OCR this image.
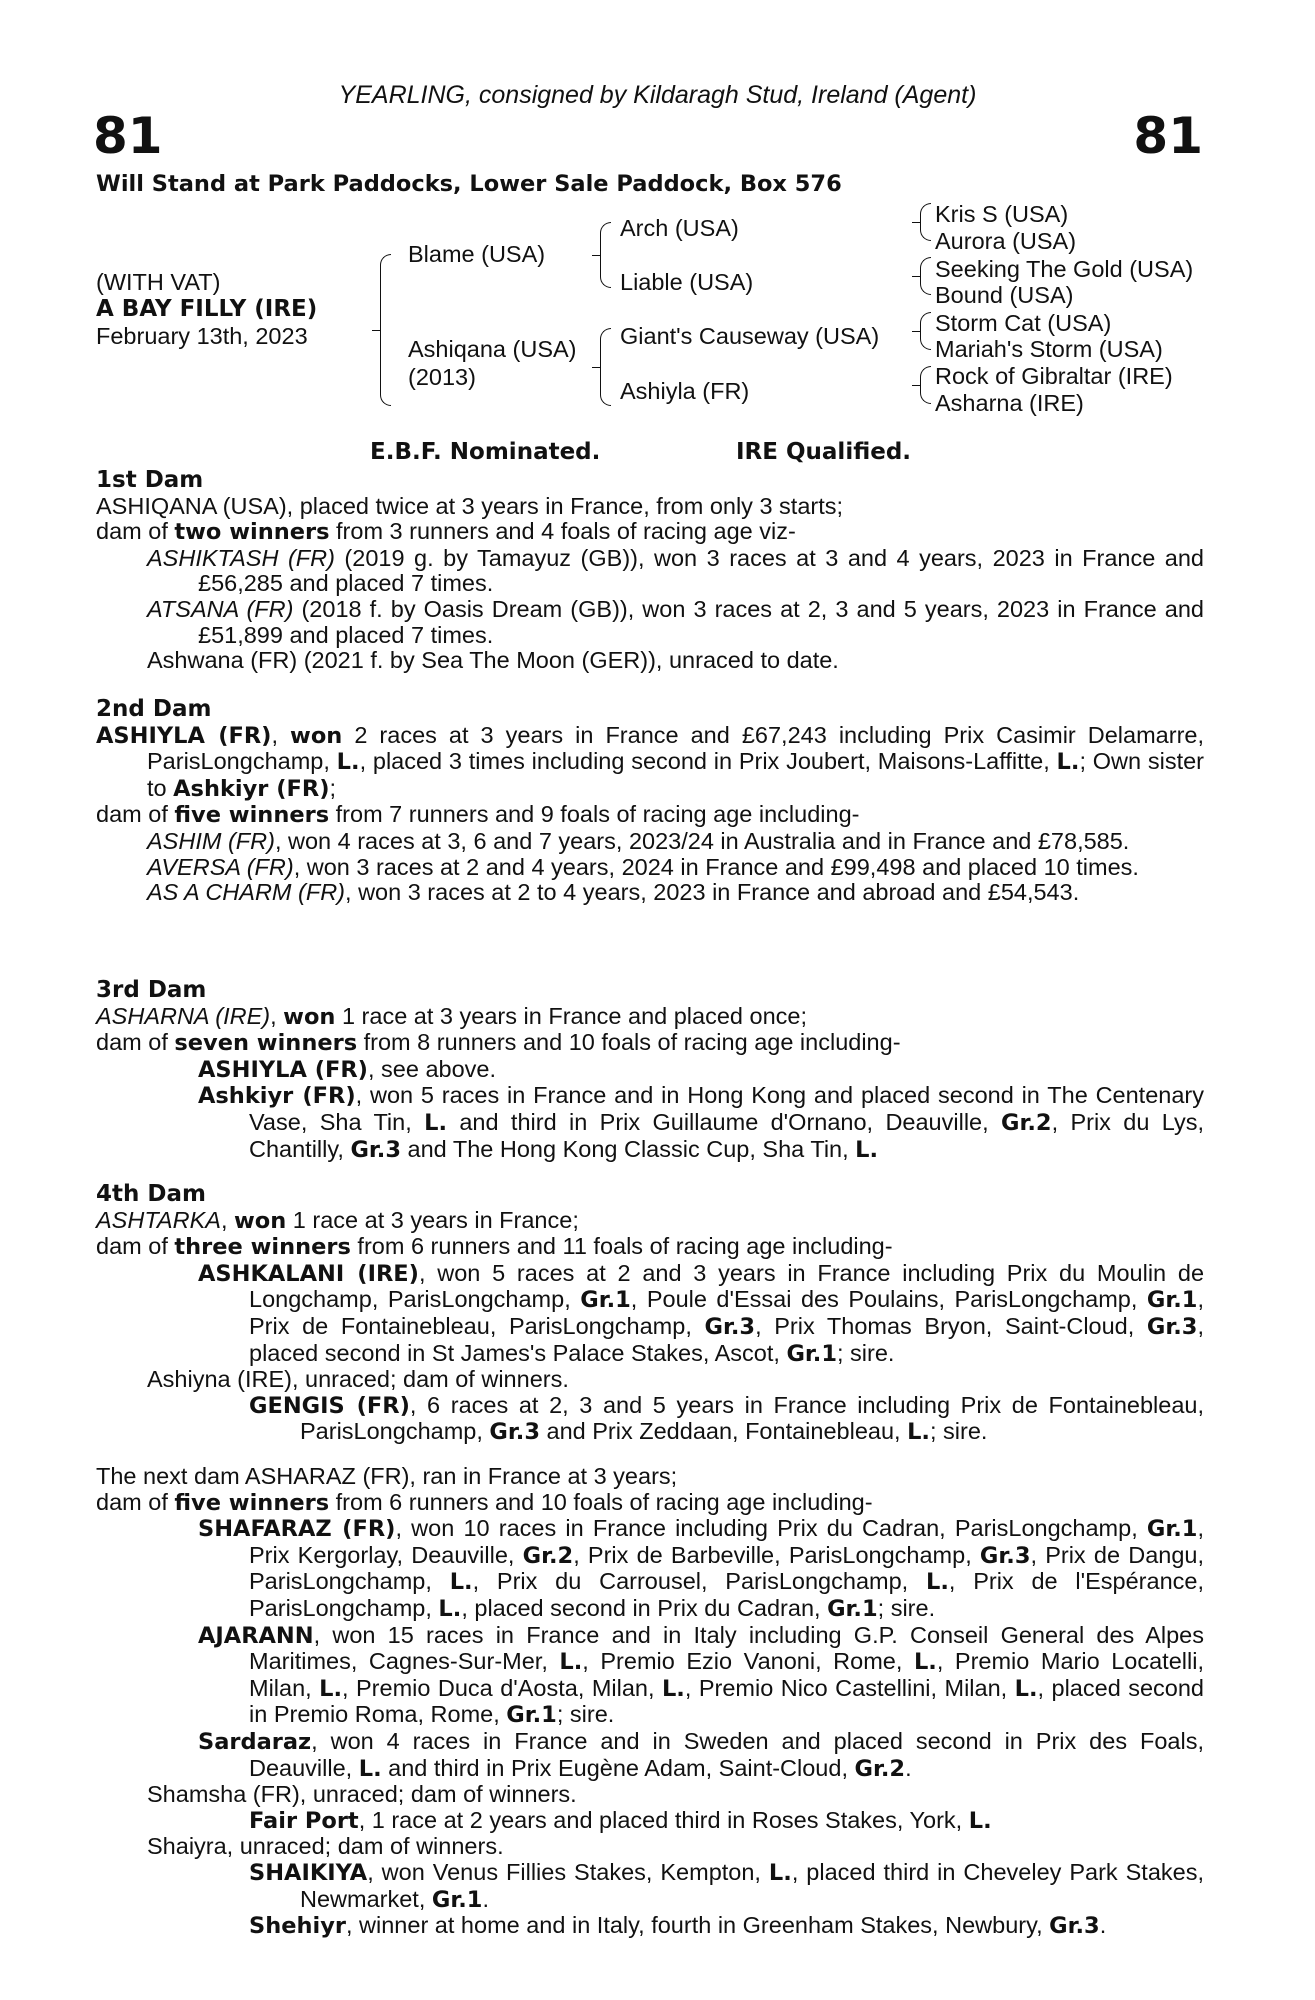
81
YEARLING, consigned by Kildaragh Stud, Ireland (Agent)
81
Will Stand at Park Paddocks, Lower Sale Paddock, Box 576
(WITH VAT)
A BAY FILLY (IRE)
February 13th, 2023
Blame (USA)
Ashiqana (USA)
(2013)
Arch (USA)
Liable (USA)
Giant's Causeway (USA)
Ashiyla (FR)
Kris S (USA)
Aurora (USA)
Seeking The Gold (USA)
Bound (USA)
Storm Cat (USA)
Mariah's Storm (USA)
Rock of Gibraltar (IRE)
Asharna (IRE)
E.B.F. Nominated.	IRE Qualified.
1st Dam
ASHIQANA (USA), placed twice at 3 years in France, from only 3 starts;
dam of two winners from 3 runners and 4 foals of racing age viz-
ASHIKTASH (FR) (2019 g. by Tamayuz (GB)), won 3 races at 3 and 4 years, 2023 in France and £56,285 and placed 7 times.
ATSANA (FR) (2018 f. by Oasis Dream (GB)), won 3 races at 2, 3 and 5 years, 2023 in France and £51,899 and placed 7 times.
Ashwana (FR) (2021 f. by Sea The Moon (GER)), unraced to date.
2nd Dam
ASHIYLA (FR), won 2 races at 3 years in France and £67,243 including Prix Casimir Delamarre, ParisLongchamp, L., placed 3 times including second in Prix Joubert, Maisons-Laffitte, L.; Own sister to Ashkiyr (FR);
dam of five winners from 7 runners and 9 foals of racing age including-
ASHIM (FR), won 4 races at 3, 6 and 7 years, 2023/24 in Australia and in France and £78,585.
AVERSA (FR), won 3 races at 2 and 4 years, 2024 in France and £99,498 and placed 10 times.
AS A CHARM (FR), won 3 races at 2 to 4 years, 2023 in France and abroad and £54,543.
3rd Dam
ASHARNA (IRE), won 1 race at 3 years in France and placed once;
dam of seven winners from 8 runners and 10 foals of racing age including-
ASHIYLA (FR), see above.
Ashkiyr (FR), won 5 races in France and in Hong Kong and placed second in The Centenary Vase, Sha Tin, L. and third in Prix Guillaume d'Ornano, Deauville, Gr.2, Prix du Lys, Chantilly, Gr.3 and The Hong Kong Classic Cup, Sha Tin, L.
4th Dam
ASHTARKA, won 1 race at 3 years in France;
dam of three winners from 6 runners and 11 foals of racing age including-
ASHKALANI (IRE), won 5 races at 2 and 3 years in France including Prix du Moulin de Longchamp, ParisLongchamp, Gr.1, Poule d'Essai des Poulains, ParisLongchamp, Gr.1, Prix de Fontainebleau, ParisLongchamp, Gr.3, Prix Thomas Bryon, Saint-Cloud, Gr.3, placed second in St James's Palace Stakes, Ascot, Gr.1; sire.
Ashiyna (IRE), unraced; dam of winners.
GENGIS (FR), 6 races at 2, 3 and 5 years in France including Prix de Fontainebleau, ParisLongchamp, Gr.3 and Prix Zeddaan, Fontainebleau, L.; sire.
The next dam ASHARAZ (FR), ran in France at 3 years;
dam of five winners from 6 runners and 10 foals of racing age including-
SHAFARAZ (FR), won 10 races in France including Prix du Cadran, ParisLongchamp, Gr.1, Prix Kergorlay, Deauville, Gr.2, Prix de Barbeville, ParisLongchamp, Gr.3, Prix de Dangu, ParisLongchamp, L., Prix du Carrousel, ParisLongchamp, L., Prix de l'Espérance, ParisLongchamp, L., placed second in Prix du Cadran, Gr.1; sire.
AJARANN, won 15 races in France and in Italy including G.P. Conseil General des Alpes Maritimes, Cagnes-Sur-Mer, L., Premio Ezio Vanoni, Rome, L., Premio Mario Locatelli, Milan, L., Premio Duca d'Aosta, Milan, L., Premio Nico Castellini, Milan, L., placed second in Premio Roma, Rome, Gr.1; sire.
Sardaraz, won 4 races in France and in Sweden and placed second in Prix des Foals, Deauville, L. and third in Prix Eugène Adam, Saint-Cloud, Gr.2.
Shamsha (FR), unraced; dam of winners.
Fair Port, 1 race at 2 years and placed third in Roses Stakes, York, L.
Shaiyra, unraced; dam of winners.
SHAIKIYA, won Venus Fillies Stakes, Kempton, L., placed third in Cheveley Park Stakes, Newmarket, Gr.1.
Shehiyr, winner at home and in Italy, fourth in Greenham Stakes, Newbury, Gr.3.
